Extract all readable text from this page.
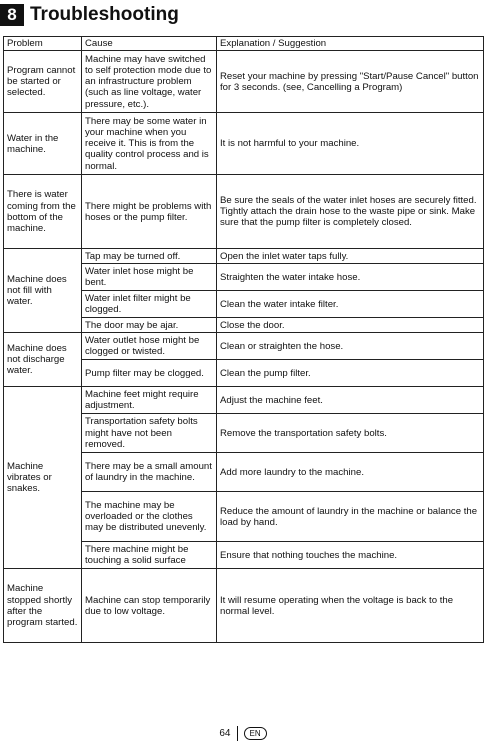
8 Troubleshooting
Problem	Cause	Explanation / Suggestion
Program cannot be started or selected.	Machine may have switched to self protection mode due to an infrastructure problem (such as line voltage, water pressure, etc.).	Reset your machine by pressing "Start/Pause Cancel" button for 3 seconds. (see, Cancelling a Program)
Water in the machine.	There may be some water in your machine when you receive it. This is from the quality control process and is normal.	It is not harmful to your machine.
There is water coming from the bottom of the machine.	There might be problems with hoses or the pump filter.	Be sure the seals of the water inlet hoses are securely fitted. Tightly attach the drain hose to the waste pipe or sink. Make sure that the pump filter is completely closed.
Machine does not fill with water.	Tap may be turned off.	Open the inlet water taps fully.
	Water inlet hose might be bent.	Straighten the water intake hose.
	Water inlet filter might be clogged.	Clean the water intake filter.
	The door may be ajar.	Close the door.
Machine does not discharge water.	Water outlet hose might be clogged or twisted.	Clean or straighten the hose.
	Pump filter may be clogged.	Clean the pump filter.
Machine vibrates or snakes.	Machine feet might require adjustment.	Adjust the machine feet.
	Transportation safety bolts might have not been removed.	Remove the transportation safety bolts.
	There may be a small amount of laundry in the machine.	Add more laundry to the machine.
	The machine may be overloaded or the clothes may be distributed unevenly.	Reduce the amount of laundry in the machine or balance the load by hand.
	There machine might be touching a solid surface	Ensure that nothing touches the machine.
Machine stopped shortly after the program started.	Machine can stop temporarily due to low voltage.	It will resume operating when the voltage is back to the normal level.
64	EN
